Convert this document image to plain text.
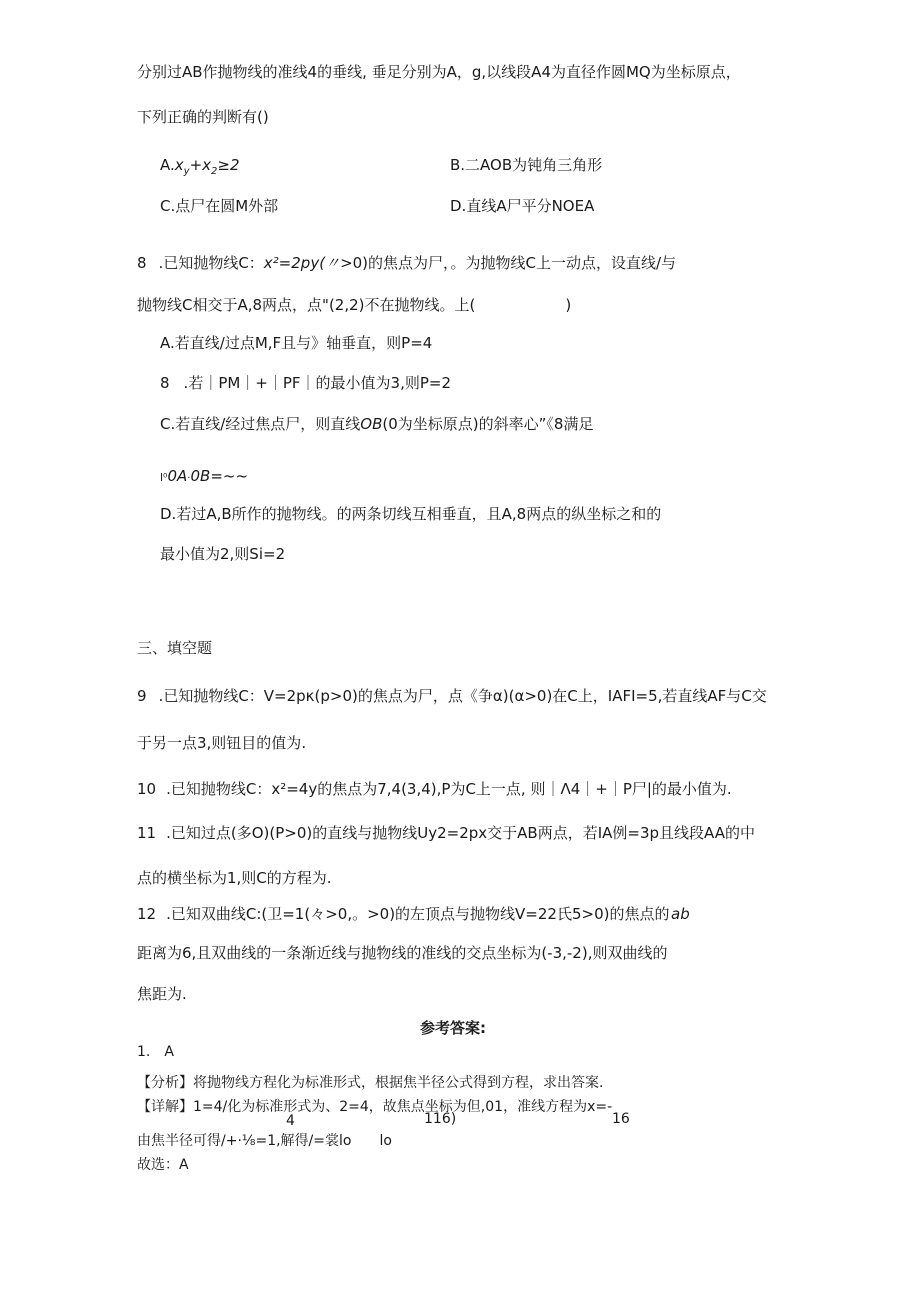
分别过AB作抛物线的准线4的垂线, 垂足分别为A，g,以线段A4为直径作圆MQ为坐标原点，
下列正确的判断有()
$A.x_y+x_2\ge 2$	B.二AOB为钝角三角形
C.点尸在圆M外部	D.直线A尸平分NOEA
8 .已知抛物线C：x²=2py(〃>0)的焦点为尸，。为抛物线C上一动点，设直线/与
抛物线C相交于A,8两点，点"(2,2)不在抛物线。上(　　　　　　)
A.若直线/过点M,F且与》轴垂直，则P=4
8 .若｜PM｜+｜PF｜的最小值为3,则P=2
C.若直线/经过焦点尸，则直线OB(0为坐标原点)的斜率心”《8满足
l⁰0A·0B=~~
D.若过A,B所作的抛物线。的两条切线互相垂直，且A,8两点的纵坐标之和的
最小值为2,则Si=2
三、填空题
9 .已知抛物线C：V=2pκ(p>0)的焦点为尸，点《争α)(α>0)在C上，IAFI=5,若直线AF与C交
于另一点3,则钮目的值为.
10 .已知抛物线C：x²=4y的焦点为7,4(3,4),P为C上一点, 则｜Λ4｜+｜P尸|的最小值为.
11 .已知过点(多O)(P>0)的直线与抛物线Uy2=2px交于AB两点，若IA例=3p且线段AA的中
点的横坐标为1,则C的方程为.
12 .已知双曲线C:(卫=1(々>0,。>0)的左顶点与抛物线V=22氏5>0)的焦点的 ab
距离为6,且双曲线的一条渐近线与抛物线的准线的交点坐标为(-3,-2),则双曲线的
焦距为.
参考答案:
1.　A
【分析】将抛物线方程化为标准形式，根据焦半径公式得到方程，求出答案.
【详解】1=4/化为标准形式为、2=4，故焦点坐标为但,01，准线方程为x=-
4	116)	16
由焦半径可得/+·⅛=1,解得/=裳lo　　lo
故选：A
